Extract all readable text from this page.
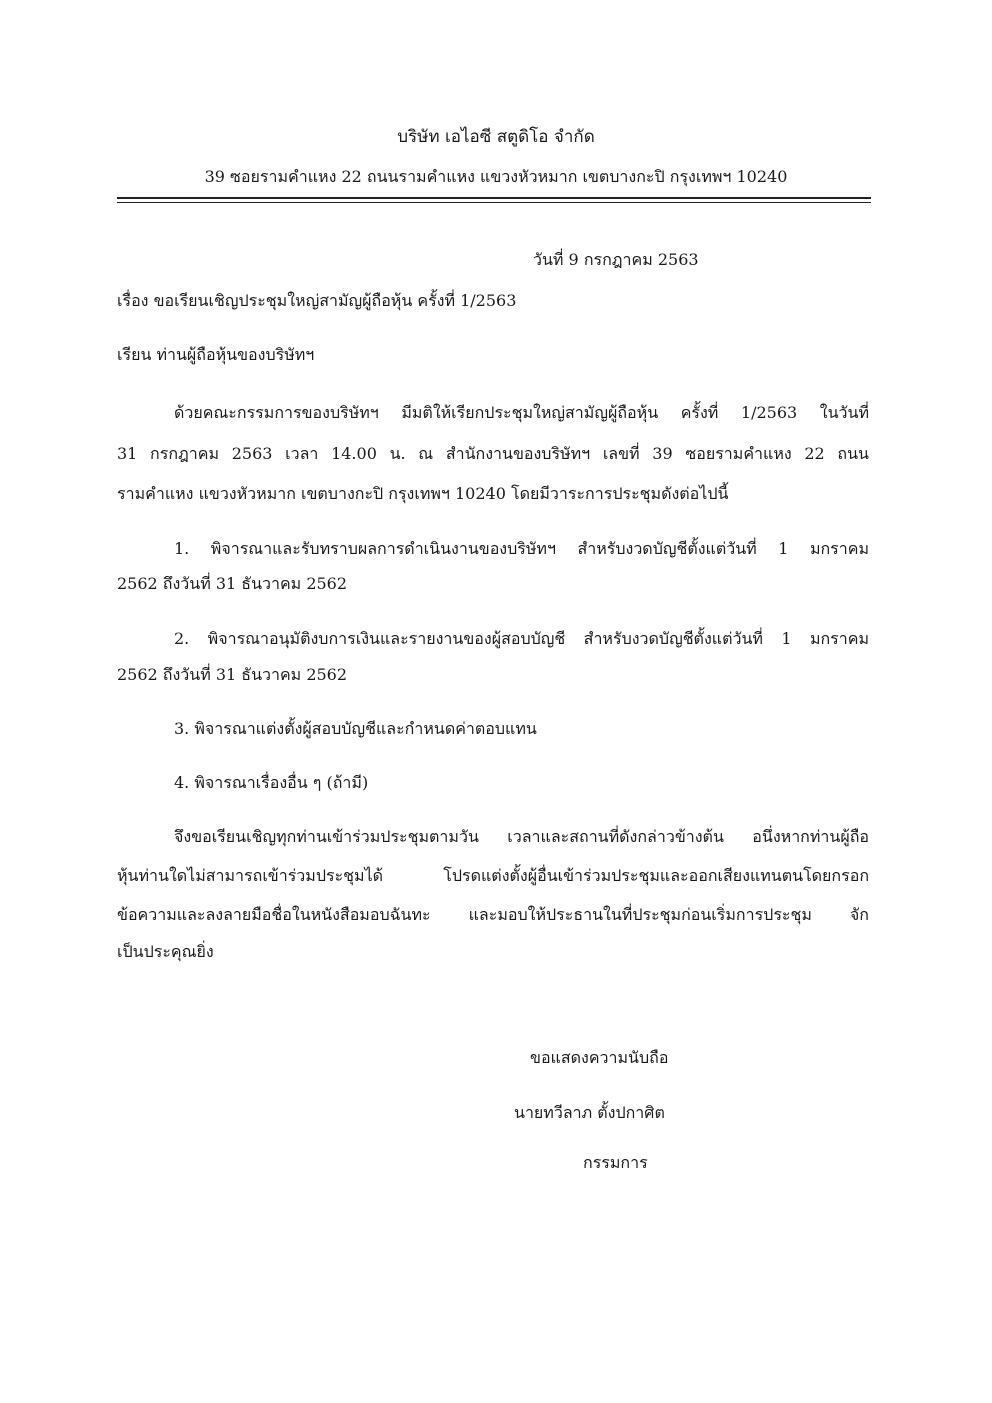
บริษัท เอไอซี สตูดิโอ จำกัด
39 ซอยรามคำแหง 22 ถนนรามคำแหง แขวงหัวหมาก เขตบางกะปิ กรุงเทพฯ 10240
วันที่ 9 กรกฎาคม 2563
เรื่อง ขอเรียนเชิญประชุมใหญ่สามัญผู้ถือหุ้น ครั้งที่ 1/2563
เรียน ท่านผู้ถือหุ้นของบริษัทฯ
ด้วยคณะกรรมการของบริษัทฯ มีมติให้เรียกประชุมใหญ่สามัญผู้ถือหุ้น ครั้งที่ 1/2563 ในวันที่
31 กรกฎาคม 2563 เวลา 14.00 น. ณ สำนักงานของบริษัทฯ เลขที่ 39 ซอยรามคำแหง 22 ถนน
รามคำแหง แขวงหัวหมาก เขตบางกะปิ กรุงเทพฯ 10240 โดยมีวาระการประชุมดังต่อไปนี้
1. พิจารณาและรับทราบผลการดำเนินงานของบริษัทฯ สำหรับงวดบัญชีตั้งแต่วันที่ 1 มกราคม
2562 ถึงวันที่ 31 ธันวาคม 2562
2. พิจารณาอนุมัติงบการเงินและรายงานของผู้สอบบัญชี สำหรับงวดบัญชีตั้งแต่วันที่ 1 มกราคม
2562 ถึงวันที่ 31 ธันวาคม 2562
3. พิจารณาแต่งตั้งผู้สอบบัญชีและกำหนดค่าตอบแทน
4. พิจารณาเรื่องอื่น ๆ (ถ้ามี)
จึงขอเรียนเชิญทุกท่านเข้าร่วมประชุมตามวัน เวลาและสถานที่ดังกล่าวข้างต้น อนึ่งหากท่านผู้ถือ
หุ้นท่านใดไม่สามารถเข้าร่วมประชุมได้ โปรดแต่งตั้งผู้อื่นเข้าร่วมประชุมและออกเสียงแทนตนโดยกรอก
ข้อความและลงลายมือชื่อในหนังสือมอบฉันทะ และมอบให้ประธานในที่ประชุมก่อนเริ่มการประชุม จัก
เป็นประคุณยิ่ง
ขอแสดงความนับถือ
นายทวีลาภ ตั้งปกาศิต
กรรมการ
